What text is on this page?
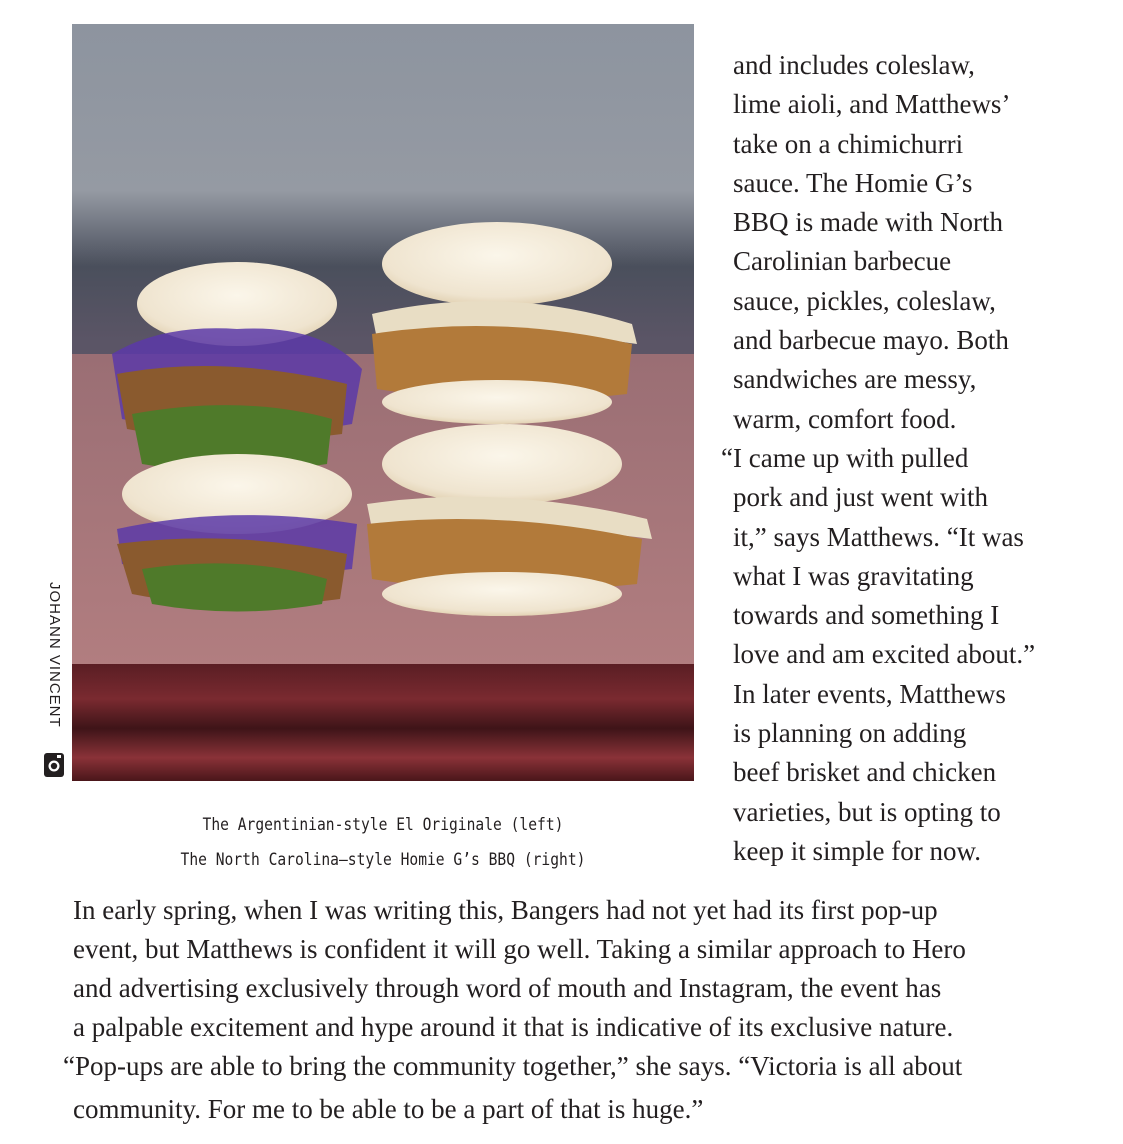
JOHANN VINCENT
The Argentinian-style El Originale (left)
The North Carolina–style Homie G’s BBQ (right)
and includes coleslaw,
lime aioli, and Matthews’
take on a chimichurri
sauce. The Homie G’s
BBQ is made with North
Carolinian barbecue
sauce, pickles, coleslaw,
and barbecue mayo. Both
sandwiches are messy,
warm, comfort food.
“I came up with pulled
pork and just went with
it,” says Matthews. “It was
what I was gravitating
towards and something I
love and am excited about.”
In later events, Matthews
is planning on adding
beef brisket and chicken
varieties, but is opting to
keep it simple for now.
In early spring, when I was writing this, Bangers had not yet had its first pop-up
event, but Matthews is confident it will go well. Taking a similar approach to Hero
and advertising exclusively through word of mouth and Instagram, the event has
a palpable excitement and hype around it that is indicative of its exclusive nature.
“Pop-ups are able to bring the community together,” she says. “Victoria is all about
community. For me to be able to be a part of that is huge.”
